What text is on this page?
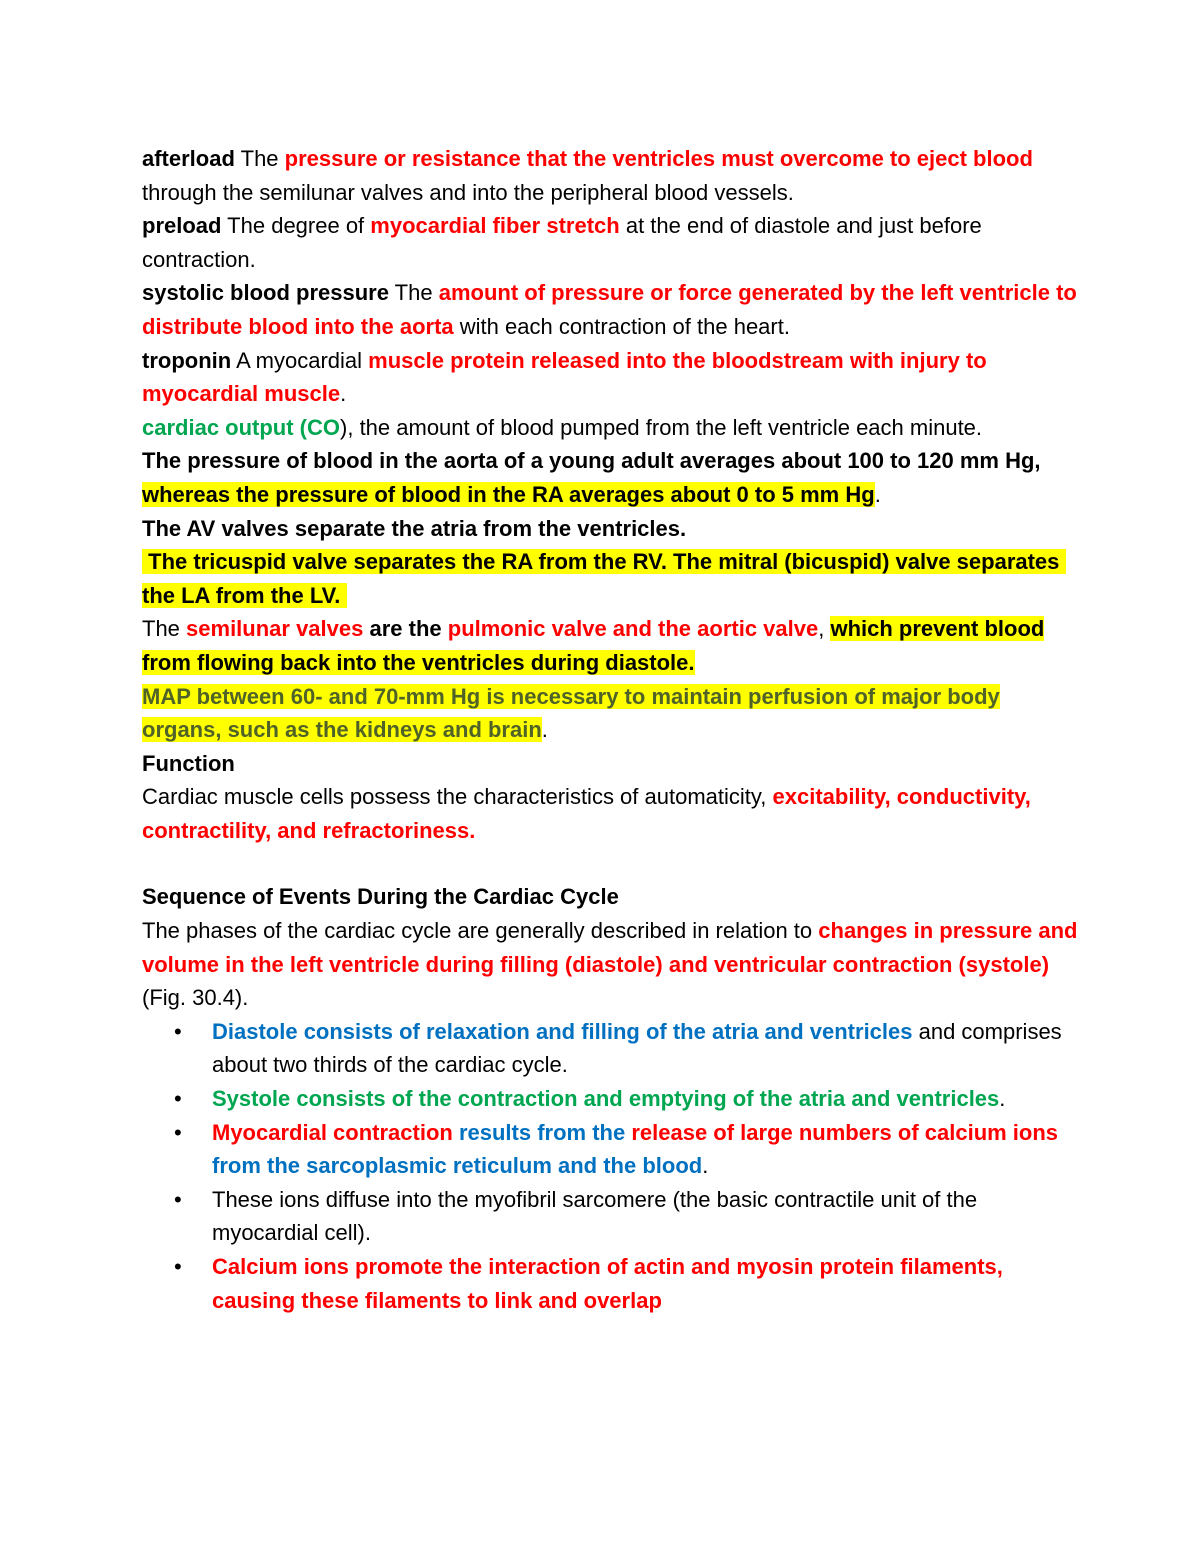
afterload The pressure or resistance that the ventricles must overcome to eject blood through the semilunar valves and into the peripheral blood vessels.

preload The degree of myocardial fiber stretch at the end of diastole and just before contraction.

systolic blood pressure The amount of pressure or force generated by the left ventricle to distribute blood into the aorta with each contraction of the heart.

troponin A myocardial muscle protein released into the bloodstream with injury to myocardial muscle.

cardiac output (CO), the amount of blood pumped from the left ventricle each minute.

The pressure of blood in the aorta of a young adult averages about 100 to 120 mm Hg, whereas the pressure of blood in the RA averages about 0 to 5 mm Hg.

The AV valves separate the atria from the ventricles.

The tricuspid valve separates the RA from the RV. The mitral (bicuspid) valve separates the LA from the LV.

The semilunar valves are the pulmonic valve and the aortic valve, which prevent blood from flowing back into the ventricles during diastole.

MAP between 60- and 70-mm Hg is necessary to maintain perfusion of major body organs, such as the kidneys and brain.

Function

Cardiac muscle cells possess the characteristics of automaticity, excitability, conductivity, contractility, and refractoriness.

Sequence of Events During the Cardiac Cycle

The phases of the cardiac cycle are generally described in relation to changes in pressure and volume in the left ventricle during filling (diastole) and ventricular contraction (systole) (Fig. 30.4).

• Diastole consists of relaxation and filling of the atria and ventricles and comprises about two thirds of the cardiac cycle.
• Systole consists of the contraction and emptying of the atria and ventricles.
• Myocardial contraction results from the release of large numbers of calcium ions from the sarcoplasmic reticulum and the blood.
• These ions diffuse into the myofibril sarcomere (the basic contractile unit of the myocardial cell).
• Calcium ions promote the interaction of actin and myosin protein filaments, causing these filaments to link and overlap
